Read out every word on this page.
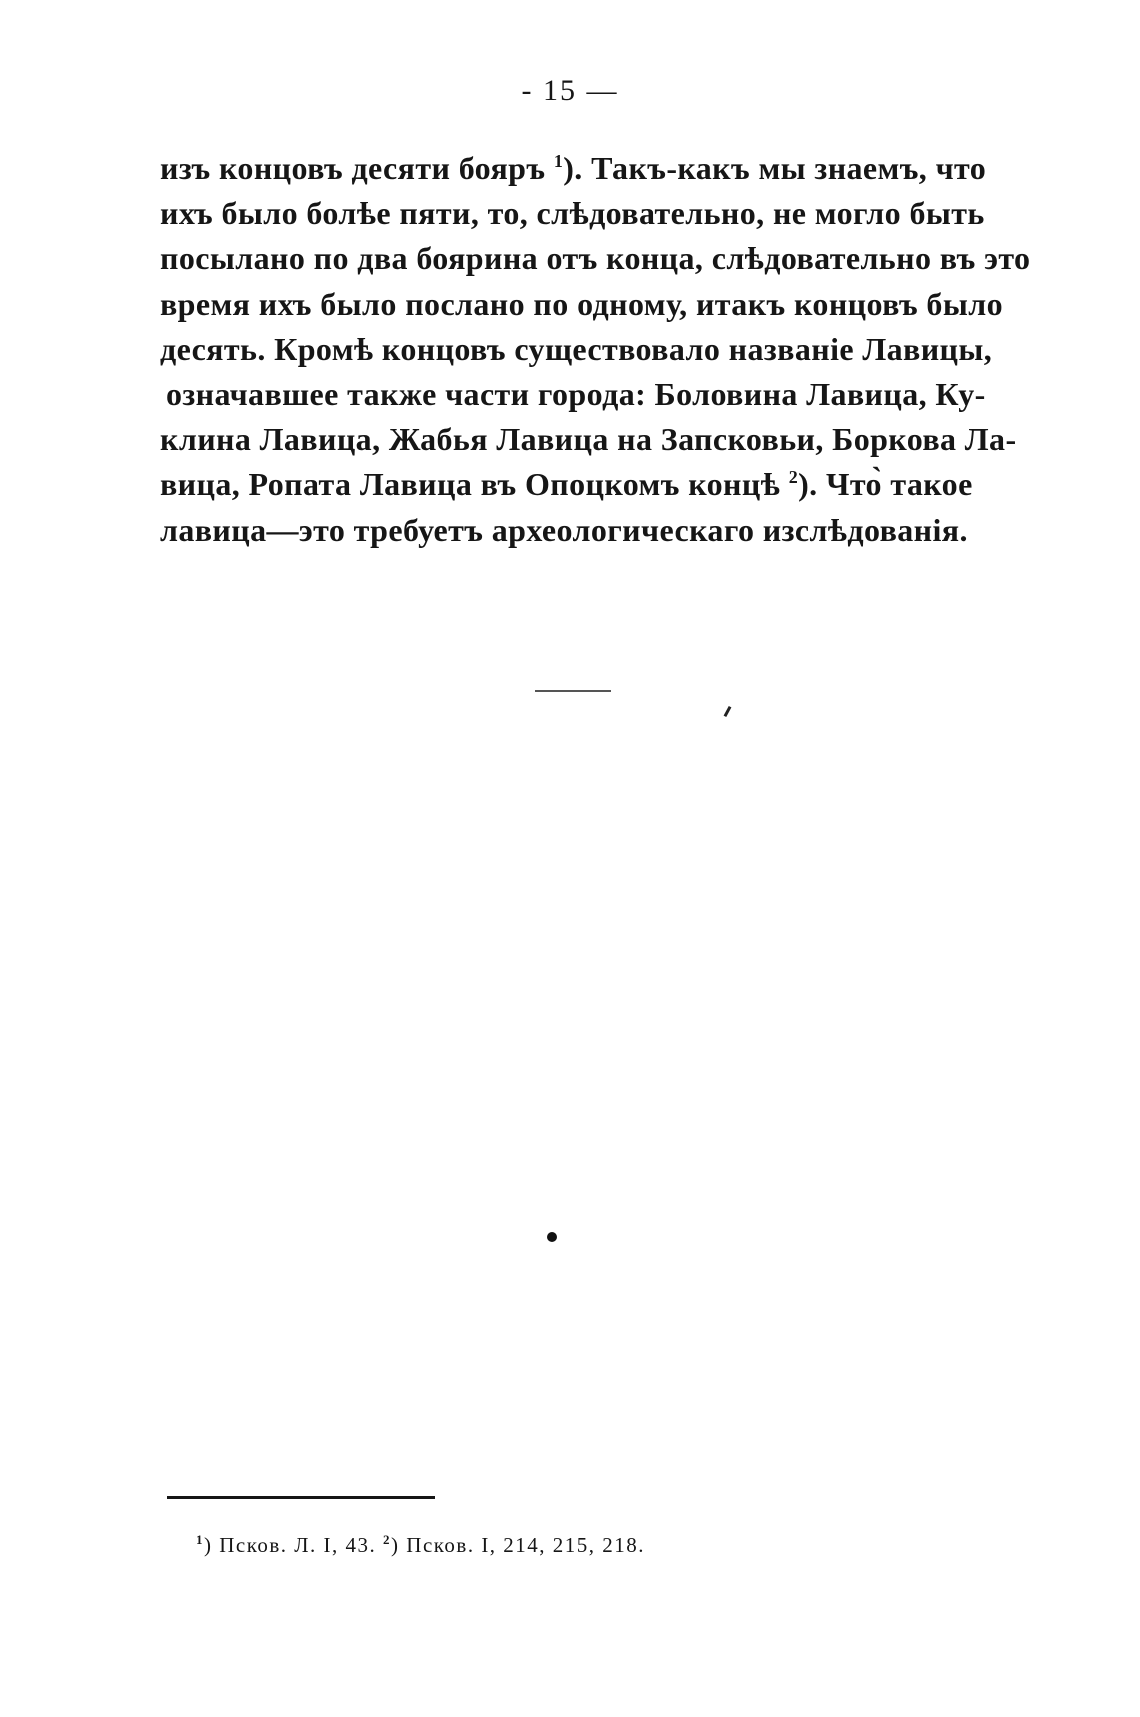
- 15 —
изъ концовъ десяти бояръ $^1$). Такъ-какъ мы знаемъ, что
ихъ было болѣе пяти, то, слѣдовательно, не могло быть
посылано по два боярина отъ конца, слѣдовательно въ это
время ихъ было послано по одному, итакъ концовъ было
десять. Кромѣ концовъ существовало названіе Лавицы,
означавшее также части города: Боловина Лавица, Ку-
клина Лавица, Жабья Лавица на Запсковьи, Боркова Ла-
вица, Ропата Лавица въ Опоцкомъ концѣ $^2$). Что̀ такое
лавица—это требуетъ археологическаго изслѣдованія.
$^1$) Псков. Л. I, 43. $^2$) Псков. I, 214, 215, 218.
